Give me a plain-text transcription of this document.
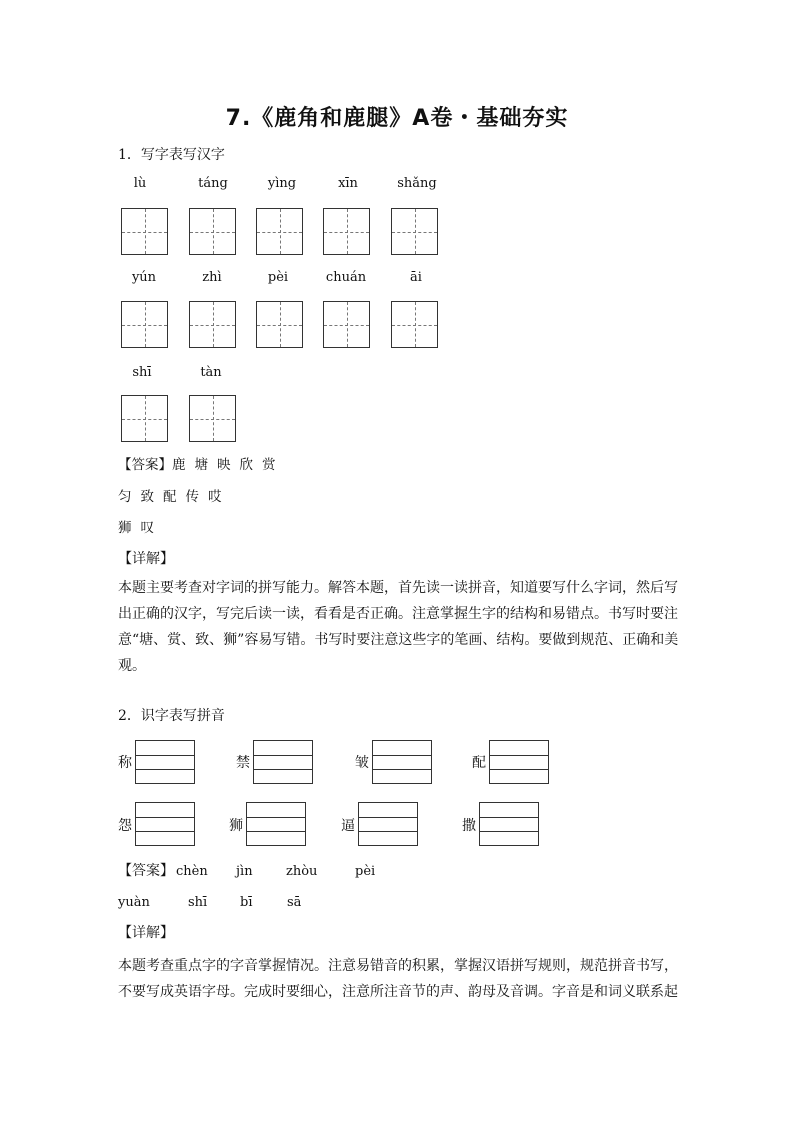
7.《鹿角和鹿腿》A卷・基础夯实
1．写字表写汉字
lù	táng	yìng	xīn	shǎng
yún	zhì	pèi	chuán	āi
shī	tàn
【答案】鹿 塘 映 欣 赏
匀 致 配 传 哎
狮 叹
【详解】
本题主要考查对字词的拼写能力。解答本题，首先读一读拼音，知道要写什么字词，然后写出正确的汉字，写完后读一读，看看是否正确。注意掌握生字的结构和易错点。书写时要注意“塘、赏、致、狮”容易写错。书写时要注意这些字的笔画、结构。要做到规范、正确和美观。
2．识字表写拼音
称	禁	皱	配
怨	狮	逼	撒
【答案】 chèn jìn	zhòu	pèi
yuàn	shī	bī	sā
【详解】
本题考查重点字的字音掌握情况。注意易错音的积累，掌握汉语拼写规则，规范拼音书写，不要写成英语字母。完成时要细心，注意所注音节的声、韵母及音调。字音是和词义联系起
